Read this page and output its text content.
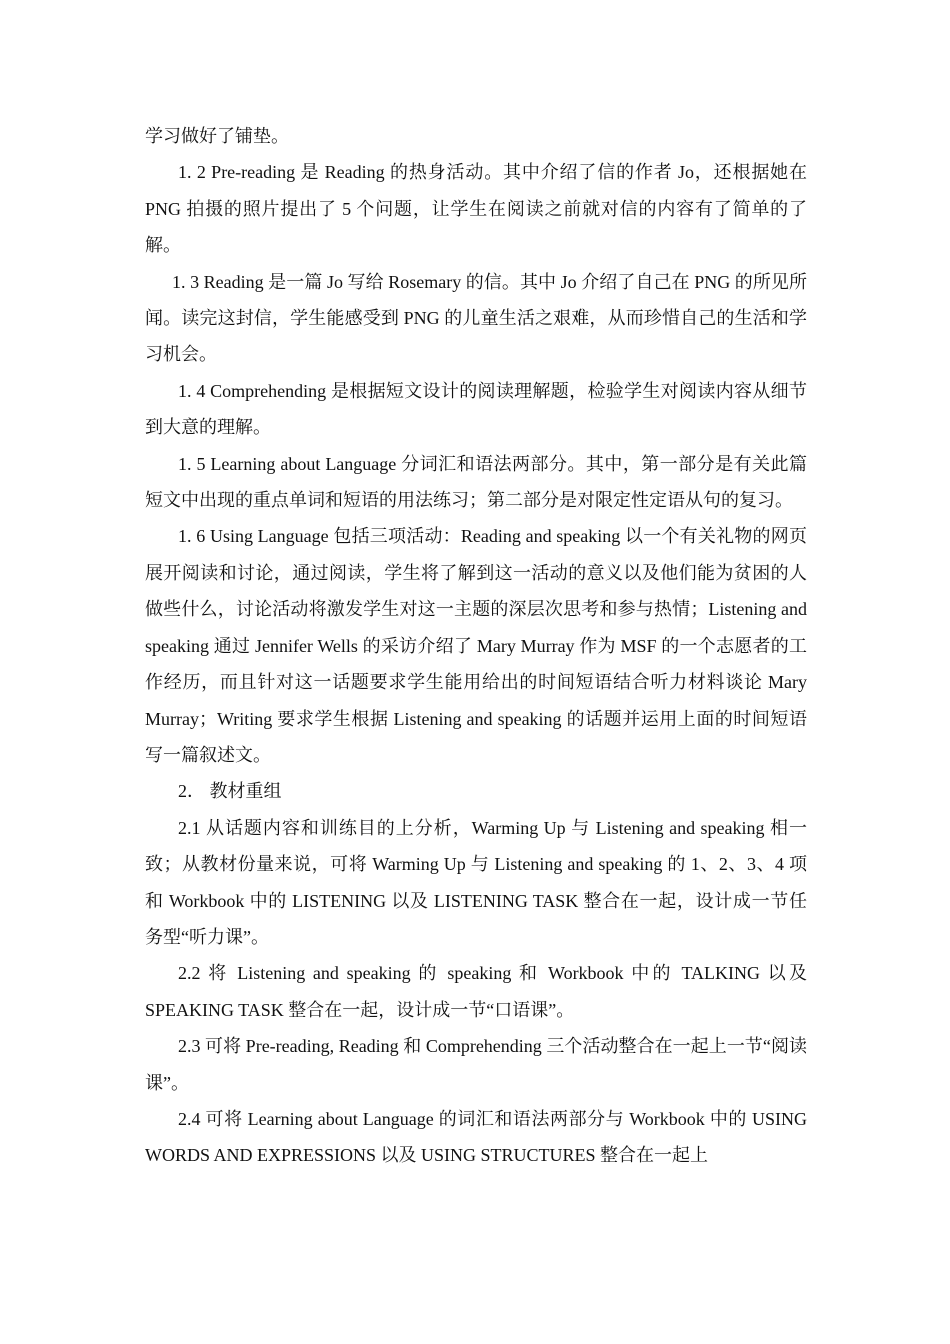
学习做好了铺垫。

1. 2 Pre-reading 是 Reading 的热身活动。其中介绍了信的作者 Jo，还根据她在 PNG 拍摄的照片提出了 5 个问题，让学生在阅读之前就对信的内容有了简单的了解。

1. 3 Reading 是一篇 Jo 写给 Rosemary 的信。其中 Jo 介绍了自己在 PNG 的所见所闻。读完这封信，学生能感受到 PNG 的儿童生活之艰难，从而珍惜自己的生活和学习机会。

1. 4 Comprehending 是根据短文设计的阅读理解题，检验学生对阅读内容从细节到大意的理解。

1. 5 Learning about Language 分词汇和语法两部分。其中，第一部分是有关此篇短文中出现的重点单词和短语的用法练习；第二部分是对限定性定语从句的复习。

1. 6 Using Language 包括三项活动：Reading and speaking 以一个有关礼物的网页展开阅读和讨论，通过阅读，学生将了解到这一活动的意义以及他们能为贫困的人做些什么，讨论活动将激发学生对这一主题的深层次思考和参与热情；Listening and speaking 通过 Jennifer Wells 的采访介绍了 Mary Murray 作为 MSF 的一个志愿者的工作经历，而且针对这一话题要求学生能用给出的时间短语结合听力材料谈论 Mary Murray；Writing 要求学生根据 Listening and speaking 的话题并运用上面的时间短语写一篇叙述文。

2． 教材重组

2.1 从话题内容和训练目的上分析，Warming Up 与 Listening and speaking 相一致；从教材份量来说，可将 Warming Up 与 Listening and speaking 的 1、2、3、4 项和 Workbook 中的 LISTENING 以及 LISTENING TASK 整合在一起，设计成一节任务型“听力课”。

2.2 将 Listening and speaking 的 speaking 和 Workbook 中的 TALKING 以及 SPEAKING TASK 整合在一起，设计成一节“口语课”。

2.3 可将 Pre-reading, Reading 和 Comprehending 三个活动整合在一起上一节“阅读课”。

2.4 可将 Learning about Language 的词汇和语法两部分与 Workbook 中的 USING WORDS AND EXPRESSIONS 以及 USING STRUCTURES 整合在一起上
